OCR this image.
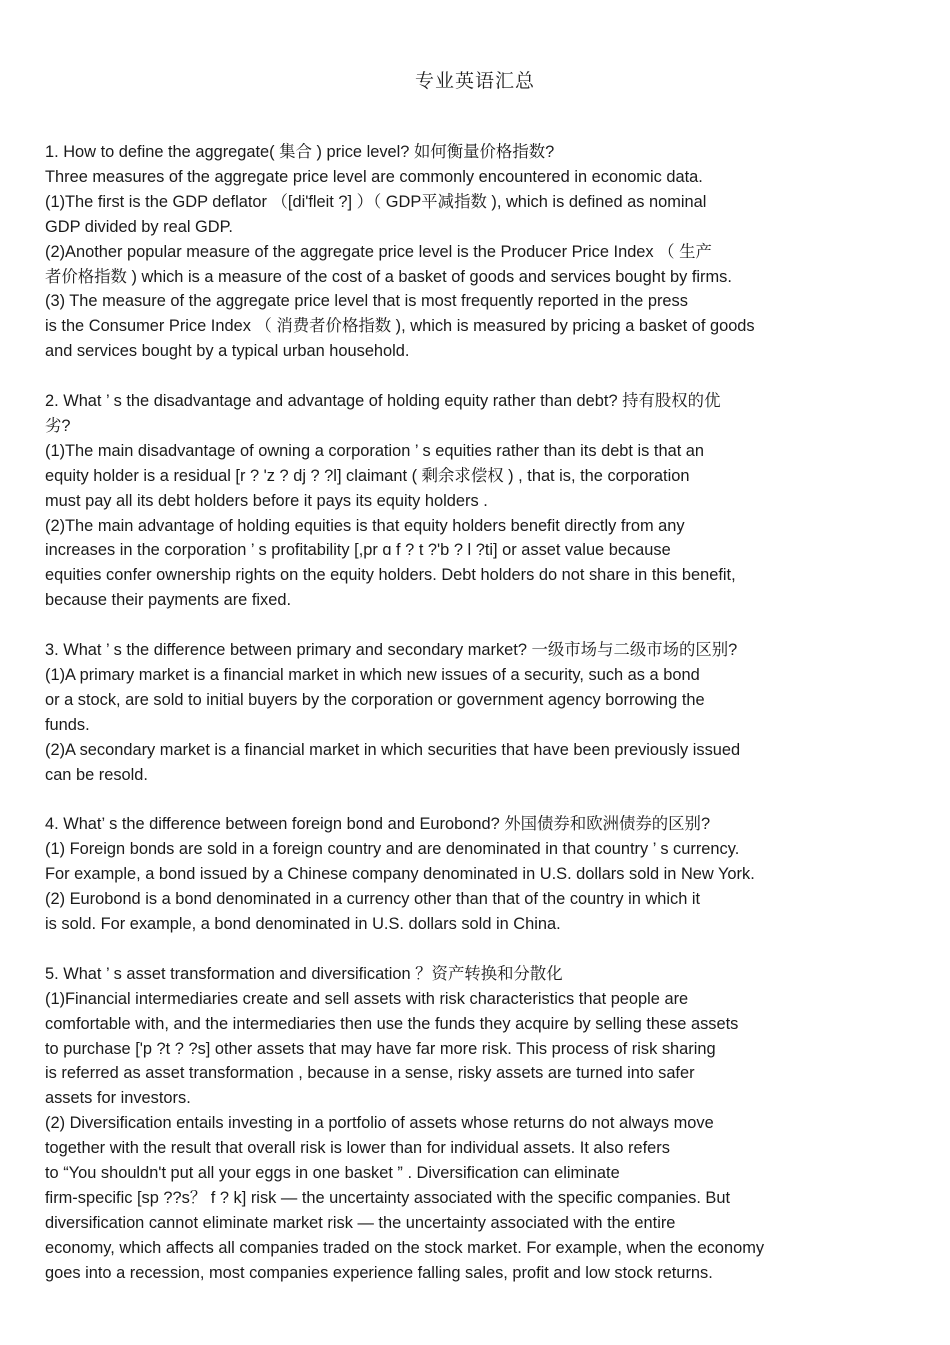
专业英语汇总
1. How to define the aggregate( 集合 ) price level? 如何衡量价格指数?
Three measures of the aggregate price level are commonly encountered in economic data.
(1)The first is the GDP deflator （[di'fleit ?] ）（ GDP平减指数 ), which is defined as nominal
GDP divided by real GDP.
(2)Another popular measure of the aggregate price level is the Producer Price Index （ 生产
者价格指数 ) which is a measure of the cost of a basket of goods and services bought by firms.
(3) The measure of the aggregate price level that is most frequently reported in the press
is the Consumer Price Index （ 消费者价格指数 ), which is measured by pricing a basket of goods
and services bought by a typical urban household.
2. What ’ s the disadvantage and advantage of holding equity rather than debt? 持有股权的优
劣?
(1)The main disadvantage of owning a corporation ’ s equities rather than its debt is that an
equity holder is a residual [r ? 'z ? dj ? ?l] claimant ( 剩余求偿权 ) , that is, the corporation
must pay all its debt holders before it pays its equity holders .
(2)The main advantage of holding equities is that equity holders benefit directly from any
increases in the corporation ’ s profitability [,pr ɑ f ? t ?'b ? l ?ti] or asset value because
equities confer ownership rights on the equity holders. Debt holders do not share in this benefit,
because their payments are fixed.
3. What ’ s the difference between primary and secondary market? 一级市场与二级市场的区别?
(1)A primary market is a financial market in which new issues of a security, such as a bond
or a stock, are sold to initial buyers by the corporation or government agency borrowing the
funds.
(2)A secondary market is a financial market in which securities that have been previously issued
can be resold.
4. What’ s the difference between foreign bond and Eurobond? 外国债券和欧洲债券的区别?
(1) Foreign bonds are sold in a foreign country and are denominated in that country ’ s currency.
For example, a bond issued by a Chinese company denominated in U.S. dollars sold in New York.
(2) Eurobond is a bond denominated in a currency other than that of the country in which it
is sold. For example, a bond denominated in U.S. dollars sold in China.
5. What ’ s asset transformation and diversification ？资产转换和分散化
(1)Financial intermediaries create and sell assets with risk characteristics that people are
comfortable with, and the intermediaries then use the funds they acquire by selling these assets
to purchase ['p ?t ? ?s] other assets that may have far more risk. This process of risk sharing
is referred as asset transformation , because in a sense, risky assets are turned into safer
assets for investors.
(2) Diversification entails investing in a portfolio of assets whose returns do not always move
together with the result that overall risk is lower than for individual assets. It also refers
to “You shouldn't put all your eggs in one basket ” . Diversification can eliminate
firm-specific [sp ??s？ f ? k] risk — the uncertainty associated with the specific companies. But
diversification cannot eliminate market risk — the uncertainty associated with the entire
economy, which affects all companies traded on the stock market. For example, when the economy
goes into a recession, most companies experience falling sales, profit and low stock returns.
